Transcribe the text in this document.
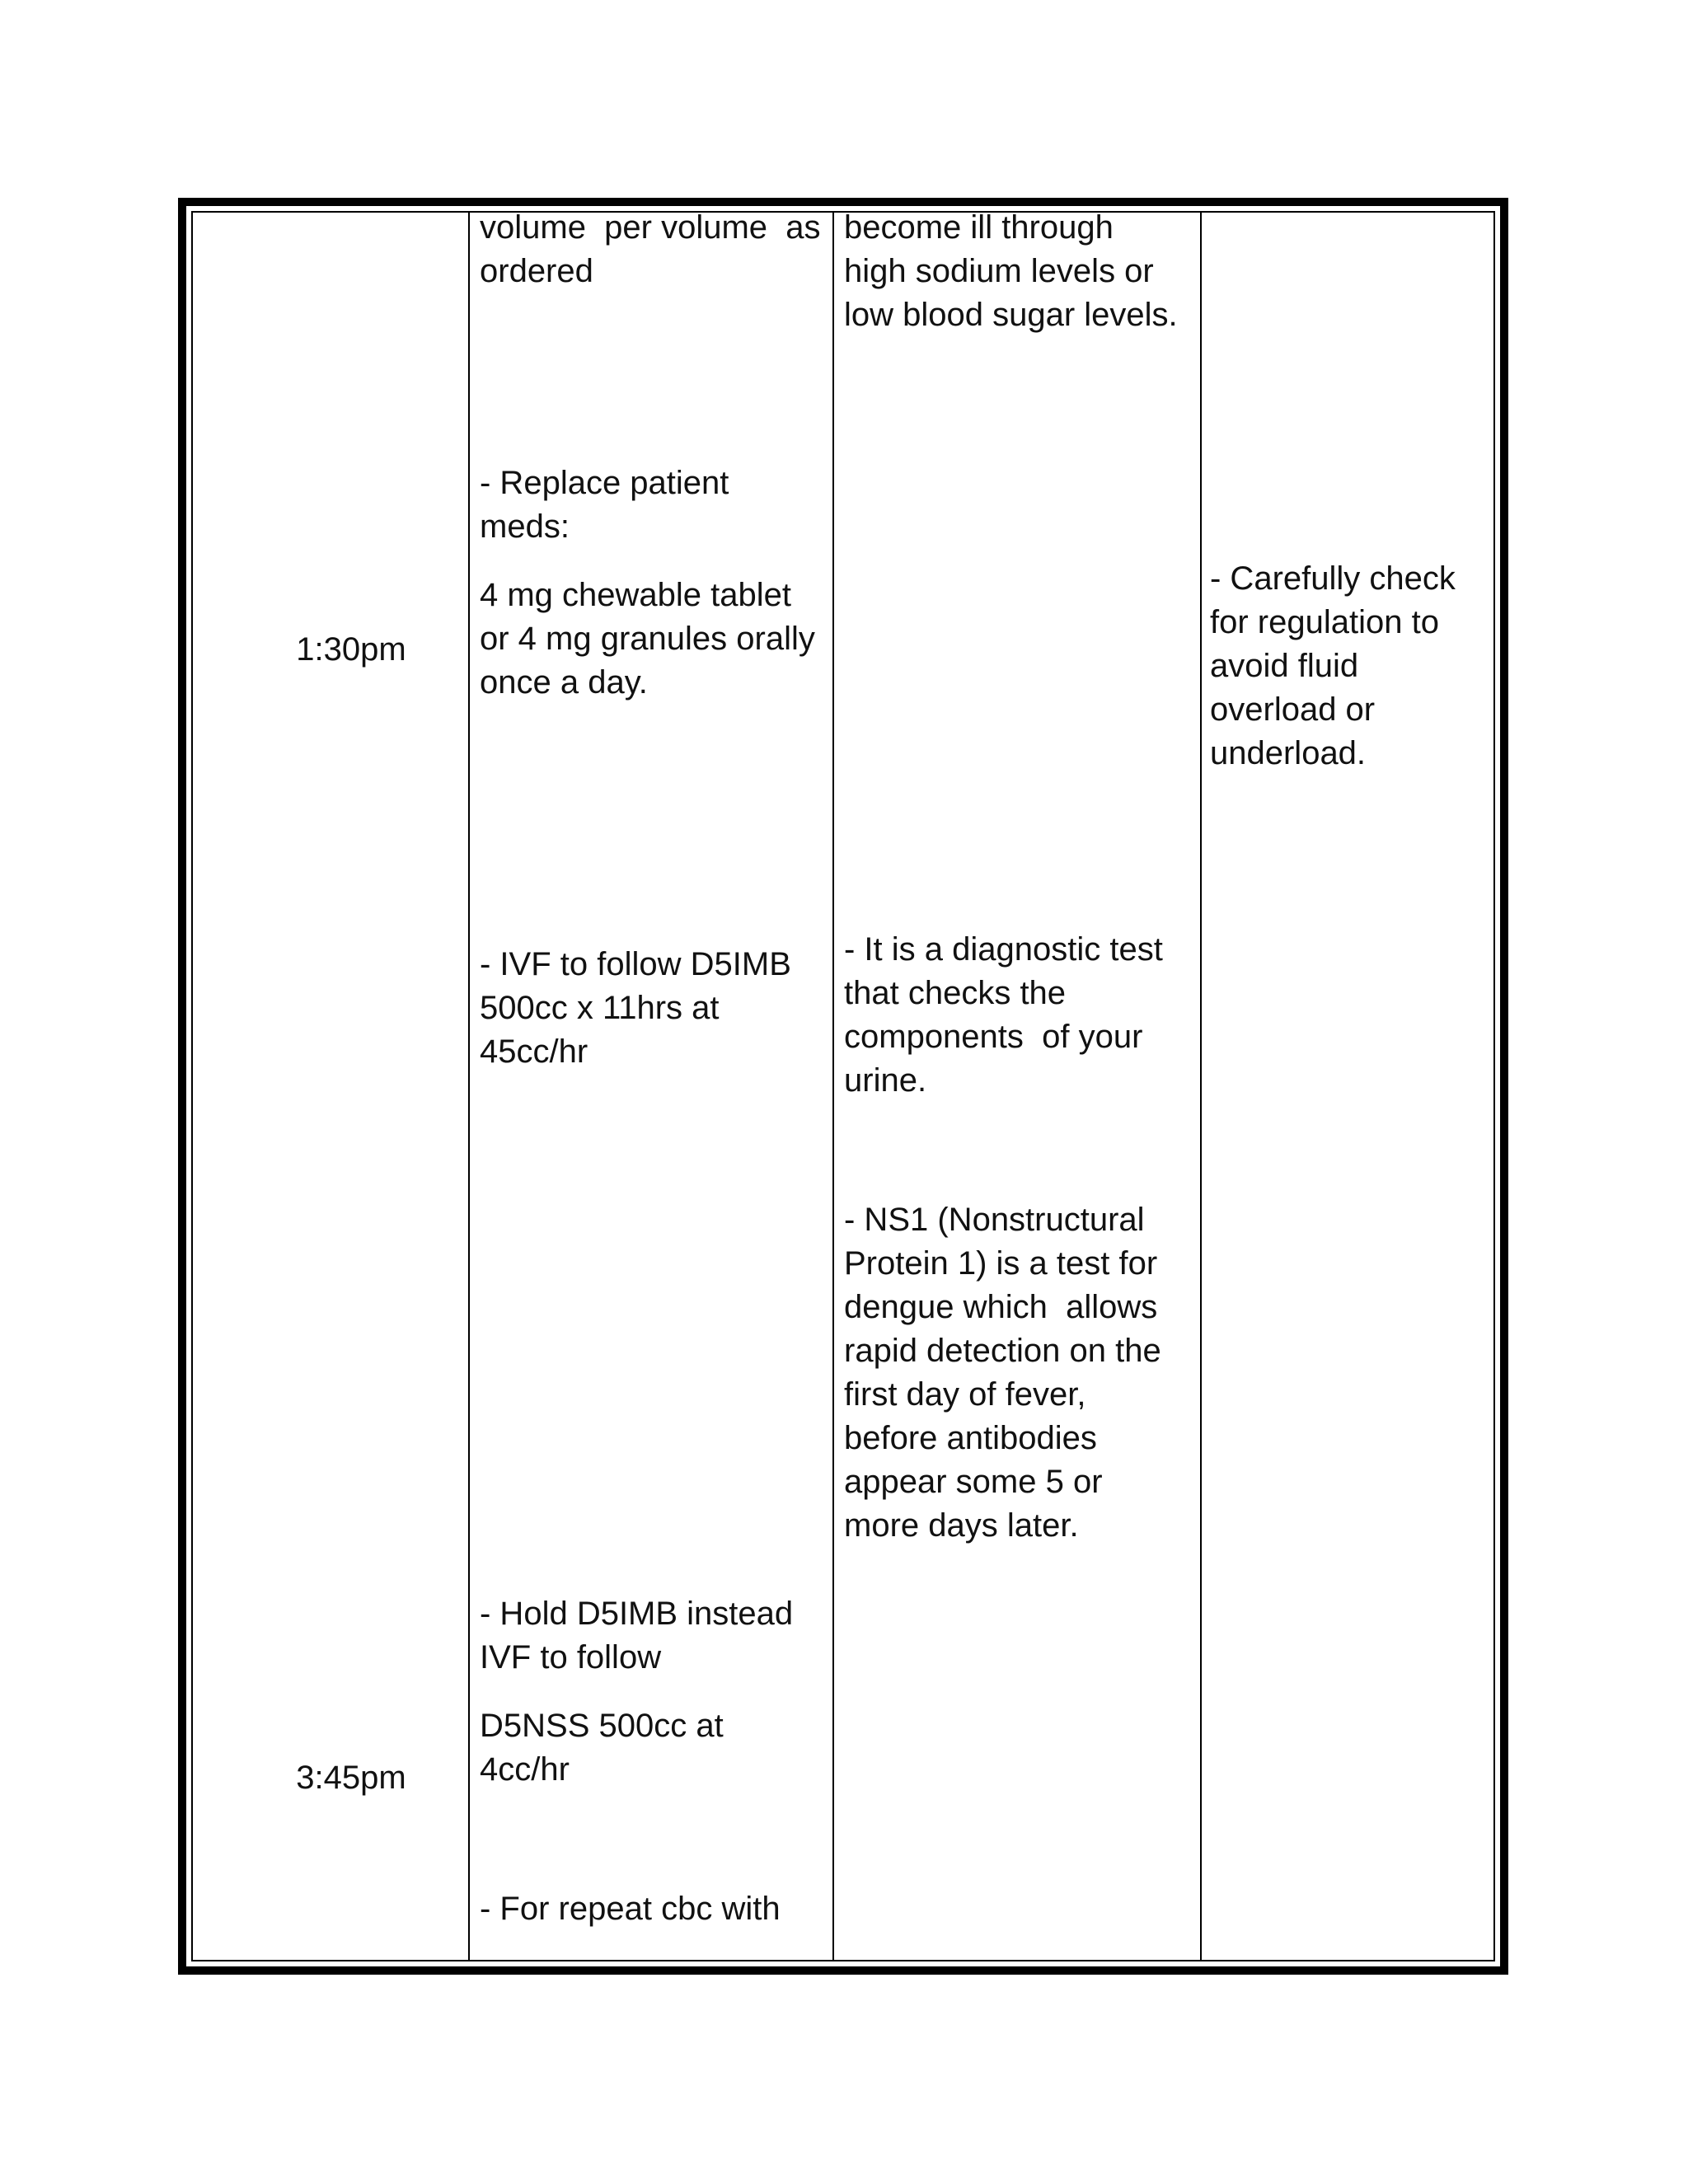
1:30pm
3:45pm
volume  per volume  as
ordered
- Replace patient
meds:
4 mg chewable tablet
or 4 mg granules orally
once a day.
- IVF to follow D5IMB
500cc x 11hrs at
45cc/hr
- Hold D5IMB instead
IVF to follow
D5NSS 500cc at
4cc/hr
- For repeat cbc with
become ill through
high sodium levels or
low blood sugar levels.
- It is a diagnostic test
that checks the
components  of your
urine.
- NS1 (Nonstructural
Protein 1) is a test for
dengue which  allows
rapid detection on the
first day of fever,
before antibodies
appear some 5 or
more days later.
- Carefully check
for regulation to
avoid fluid
overload or
underload.
